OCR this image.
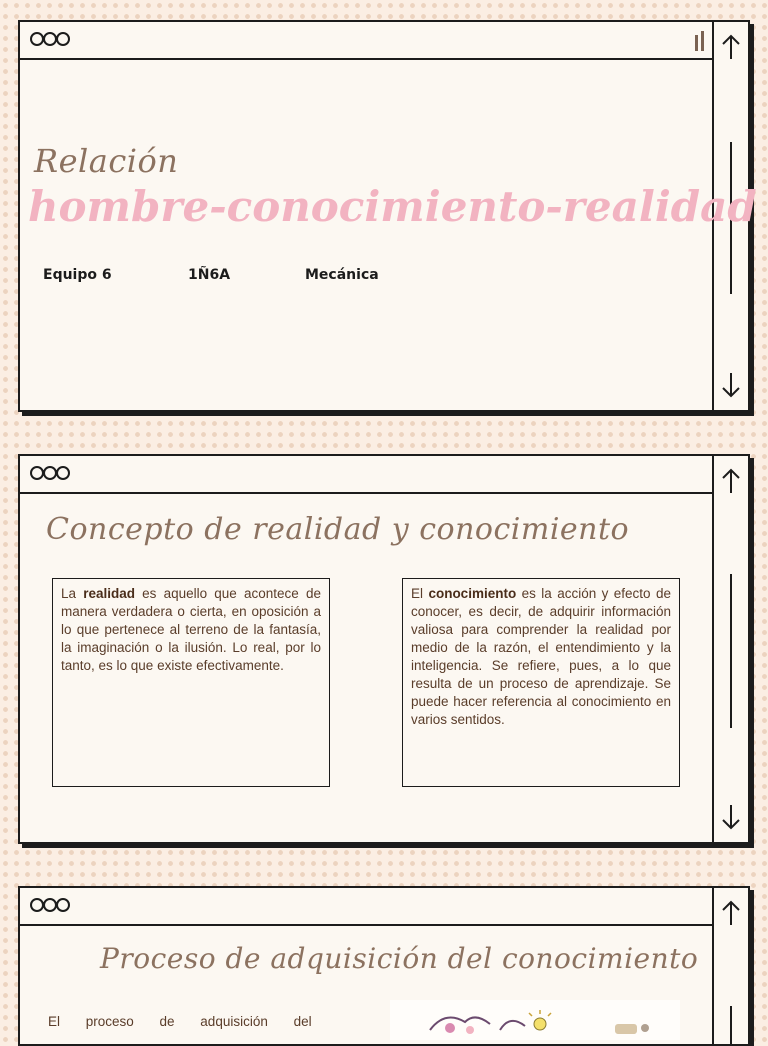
Relación
hombre-conocimiento-realidad
Equipo 6	1Ñ6A	Mecánica
Concepto de realidad y conocimiento
La realidad es aquello que acontece de manera verdadera o cierta, en oposición a lo que pertenece al terreno de la fantasía, la imaginación o la ilusión. Lo real, por lo tanto, es lo que existe efectivamente.
El conocimiento es la acción y efecto de conocer, es decir, de adquirir información valiosa para comprender la realidad por medio de la razón, el entendimiento y la inteligencia. Se refiere, pues, a lo que resulta de un proceso de aprendizaje. Se puede hacer referencia al conocimiento en varios sentidos.
Proceso de adquisición del conocimiento
El proceso de adquisición del
